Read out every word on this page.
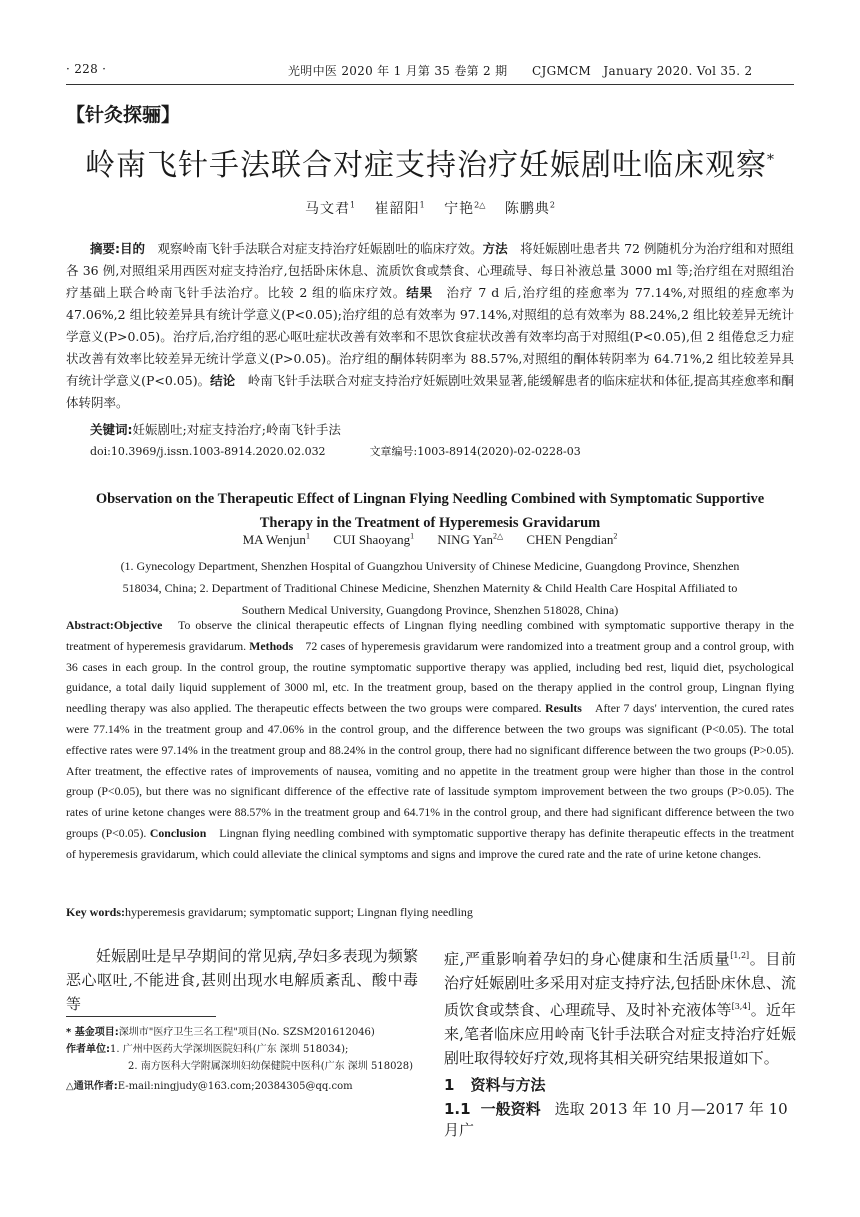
· 228 ·	光明中医 2020 年 1 月第 35 卷第 2 期　　CJGMCM　January 2020. Vol 35. 2
【针灸探骊】
岭南飞针手法联合对症支持治疗妊娠剧吐临床观察*
马文君$^1$ 崔韶阳$^1$ 宁艳$^{2\triangle}$ 陈鹏典$^2$
摘要:目的　观察岭南飞针手法联合对症支持治疗妊娠剧吐的临床疗效。方法　将妊娠剧吐患者共 72 例随机分为治疗组和对照组各 36 例,对照组采用西医对症支持治疗,包括卧床休息、流质饮食或禁食、心理疏导、每日补液总量 3000 ml 等;治疗组在对照组治疗基础上联合岭南飞针手法治疗。比较 2 组的临床疗效。结果　治疗 7 d 后,治疗组的痊愈率为 77.14%,对照组的痊愈率为 47.06%,2 组比较差异具有统计学意义(P<0.05);治疗组的总有效率为 97.14%,对照组的总有效率为 88.24%,2 组比较差异无统计学意义(P>0.05)。治疗后,治疗组的恶心呕吐症状改善有效率和不思饮食症状改善有效率均高于对照组(P<0.05),但 2 组倦怠乏力症状改善有效率比较差异无统计学意义(P>0.05)。治疗组的酮体转阴率为 88.57%,对照组的酮体转阴率为 64.71%,2 组比较差异具有统计学意义(P<0.05)。结论　岭南飞针手法联合对症支持治疗妊娠剧吐效果显著,能缓解患者的临床症状和体征,提高其痊愈率和酮体转阴率。
关键词:妊娠剧吐;对症支持治疗;岭南飞针手法
doi:10.3969/j.issn.1003-8914.2020.02.032	文章编号:1003-8914(2020)-02-0228-03
Observation on the Therapeutic Effect of Lingnan Flying Needling Combined with Symptomatic Supportive Therapy in the Treatment of Hyperemesis Gravidarum
MA Wenjun$^1$ CUI Shaoyang$^1$ NING Yan$^{2\triangle}$ CHEN Pengdian$^2$
(1. Gynecology Department, Shenzhen Hospital of Guangzhou University of Chinese Medicine, Guangdong Province, Shenzhen 518034, China; 2. Department of Traditional Chinese Medicine, Shenzhen Maternity & Child Health Care Hospital Affiliated to Southern Medical University, Guangdong Province, Shenzhen 518028, China)
Abstract:Objective　To observe the clinical therapeutic effects of Lingnan flying needling combined with symptomatic supportive therapy in the treatment of hyperemesis gravidarum. Methods　72 cases of hyperemesis gravidarum were randomized into a treatment group and a control group, with 36 cases in each group. In the control group, the routine symptomatic supportive therapy was applied, including bed rest, liquid diet, psychological guidance, a total daily liquid supplement of 3000 ml, etc. In the treatment group, based on the therapy applied in the control group, Lingnan flying needling therapy was also applied. The therapeutic effects between the two groups were compared. Results　After 7 days' intervention, the cured rates were 77.14% in the treatment group and 47.06% in the control group, and the difference between the two groups was significant (P<0.05). The total effective rates were 97.14% in the treatment group and 88.24% in the control group, there had no significant difference between the two groups (P>0.05). After treatment, the effective rates of improvements of nausea, vomiting and no appetite in the treatment group were higher than those in the control group (P<0.05), but there was no significant difference of the effective rate of lassitude symptom improvement between the two groups (P>0.05). The rates of urine ketone changes were 88.57% in the treatment group and 64.71% in the control group, and there had significant difference between the two groups (P<0.05). Conclusion　Lingnan flying needling combined with symptomatic supportive therapy has definite therapeutic effects in the treatment of hyperemesis gravidarum, which could alleviate the clinical symptoms and signs and improve the cured rate and the rate of urine ketone changes.
Key words:hyperemesis gravidarum; symptomatic support; Lingnan flying needling
妊娠剧吐是早孕期间的常见病,孕妇多表现为频繁恶心呕吐,不能进食,甚则出现水电解质紊乱、酸中毒等
* 基金项目:深圳市"医疗卫生三名工程"项目(No. SZSM201612046)
作者单位:1. 广州中医药大学深圳医院妇科(广东 深圳 518034);
2. 南方医科大学附属深圳妇幼保健院中医科(广东 深圳 518028)
△通讯作者:E-mail:ningjudy@163.com;20384305@qq.com
症,严重影响着孕妇的身心健康和生活质量[1,2]。目前治疗妊娠剧吐多采用对症支持疗法,包括卧床休息、流质饮食或禁食、心理疏导、及时补充液体等[3,4]。近年来,笔者临床应用岭南飞针手法联合对症支持治疗妊娠剧吐取得较好疗效,现将其相关研究结果报道如下。
1 资料与方法
1.1 一般资料 选取 2013 年 10 月—2017 年 10 月广
